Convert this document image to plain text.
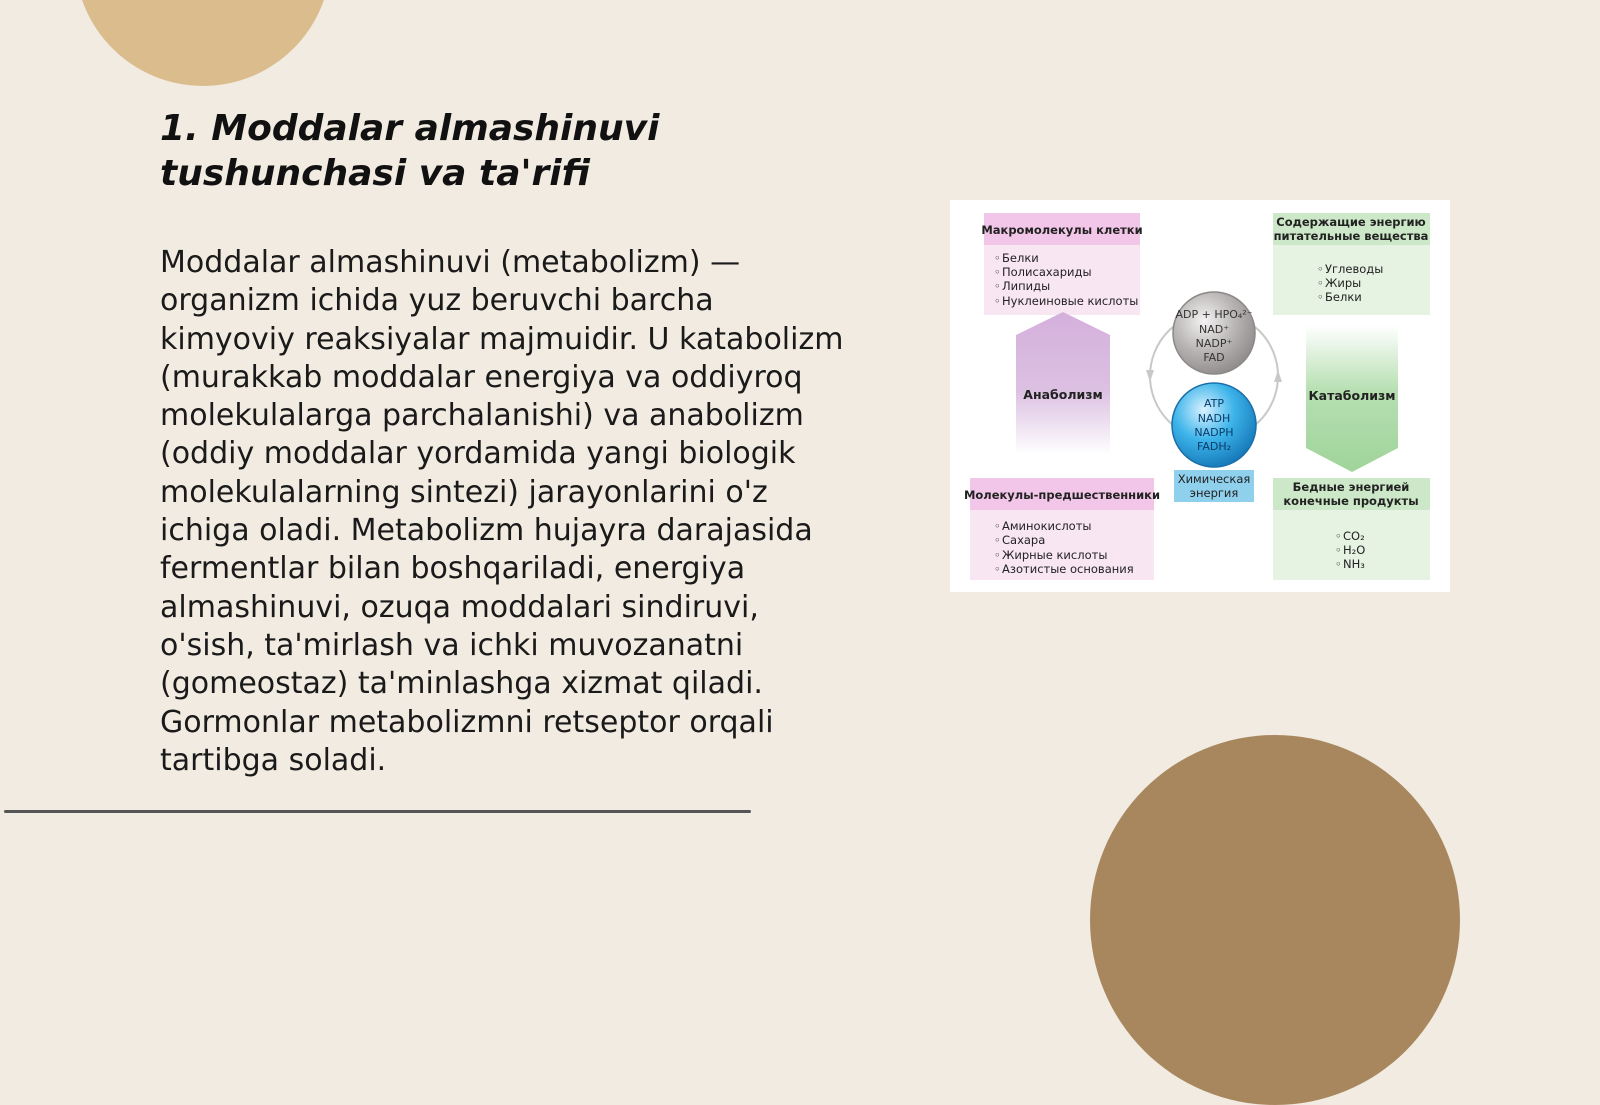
1. Moddalar almashinuvi tushunchasi va ta'rifi

Moddalar almashinuvi (metabolizm) — organizm ichida yuz beruvchi barcha kimyoviy reaksiyalar majmuidir. U katabolizm (murakkab moddalar energiya va oddiyroq molekulalarga parchalanishi) va anabolizm (oddiy moddalar yordamida yangi biologik molekulalarning sintezi) jarayonlarini o'z ichiga oladi. Metabolizm hujayra darajasida fermentlar bilan boshqariladi, energiya almashinuvi, ozuqa moddalari sindiruvi, o'sish, ta'mirlash va ichki muvozanatni (gomeostaz) ta'minlashga xizmat qiladi. Gormonlar metabolizmni retseptor orqali tartibga soladi.

Макромолекулы клетки
◦ Белки
◦ Полисахариды
◦ Липиды
◦ Нуклеиновые кислоты
Анаболизм
Молекулы-предшественники
◦ Аминокислоты
◦ Сахара
◦ Жирные кислоты
◦ Азотистые основания
Содержащие энергию
питательные вещества
◦ Углеводы
◦ Жиры
◦ Белки
Катаболизм
Бедные энергией
конечные продукты
◦ CO₂
◦ H₂O
◦ NH₃
ADP + HPO₄²⁻
NAD⁺
NADP⁺
FAD
ATP
NADH
NADPH
FADH₂
Химическая
энергия
